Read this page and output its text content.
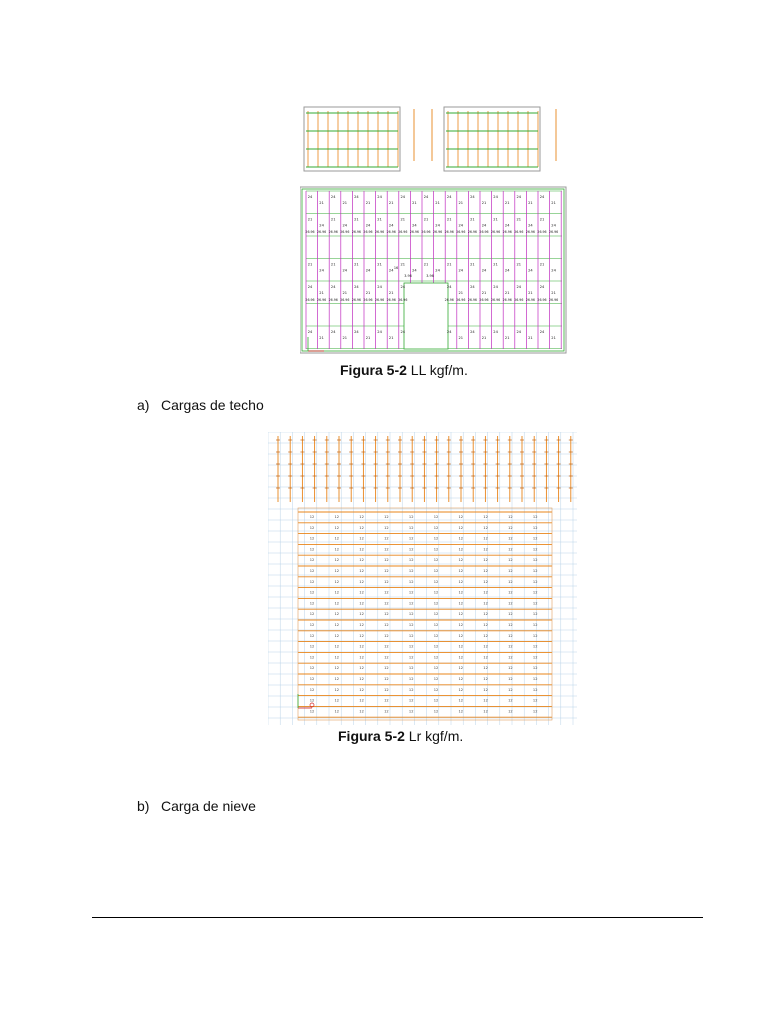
24
21
24
21
24
21
24
21
24
21
24
21
24
21
24
21
24
21
24
21
24
21
21
24
21
24
21
24
21
24
21
24
21
24
21
24
21
24
21
24
21
24
21
24
21
24
21
24
21
24
21
24
21
24
21
24
21
24
21
24
21
24
21
24
21
24
24
21
24
21
24
21
24
21
24	24
21
24
21
24
21
24
21
24
21
24
21
24
21
24
21
24
21
24	24
21
24
21
24
21
24
21
24
21
26.96 26.96 26.96 26.96 26.96 26.96 26.96 26.96 26.96 26.96 26.96 26.96 26.96 26.96 26.96 26.96 26.96 26.96 26.96 26.96 26.96 26.96
26.96 26.96 26.96 26.96 26.96 26.96 26.96 26.96 26.96	26.96 26.96 26.96 26.96 26.96 26.96 26.96 26.96 26.96 26.96
3.96	3.96
16
Figura 5-2 LL kgf/m.
a) Cargas de techo
12	12	12	12	12	12	12	12	12	12
12	12	12	12	12	12	12	12	12	12
12	12	12	12	12	12	12	12	12	12
12	12	12	12	12	12	12	12	12	12
12	12	12	12	12	12	12	12	12	12
12	12	12	12	12	12	12	12	12	12
12	12	12	12	12	12	12	12	12	12
12	12	12	12	12	12	12	12	12	12
12	12	12	12	12	12	12	12	12	12
12	12	12	12	12	12	12	12	12	12
12	12	12	12	12	12	12	12	12	12
12	12	12	12	12	12	12	12	12	12
12	12	12	12	12	12	12	12	12	12
12	12	12	12	12	12	12	12	12	12
12	12	12	12	12	12	12	12	12	12
12	12	12	12	12	12	12	12	12	12
12	12	12	12	12	12	12	12	12	12
12	12	12	12	12	12	12	12	12	12
12	12	12	12	12	12	12	12	12	12
Figura 5-2 Lr kgf/m.
b) Carga de nieve
